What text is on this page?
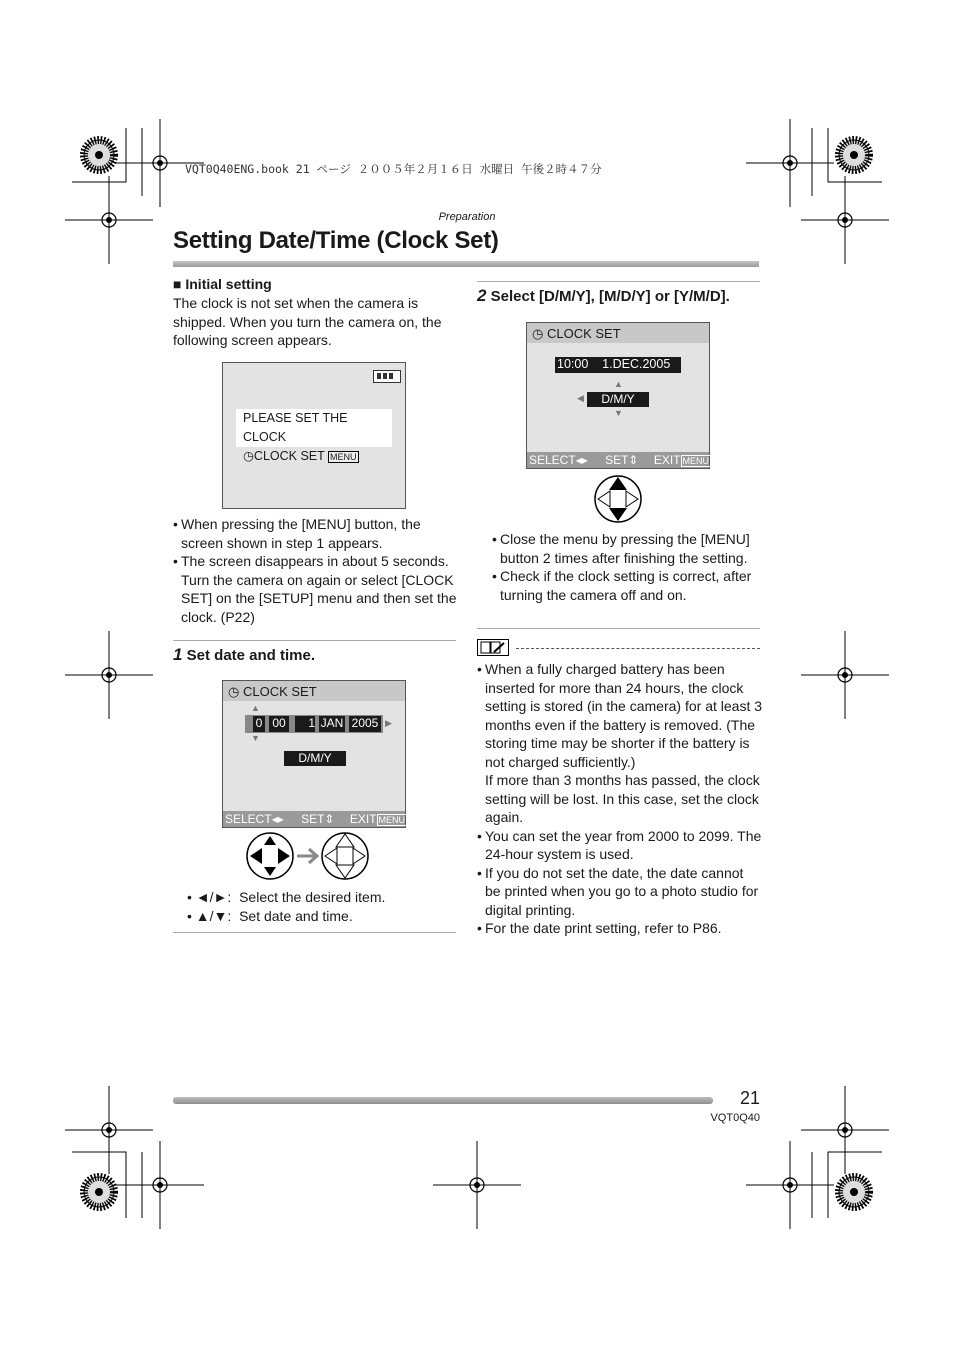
VQT0Q40ENG.book 21 ページ ２００５年２月１６日 水曜日 午後２時４７分
Preparation
Setting Date/Time (Clock Set)
■ Initial setting
The clock is not set when the camera is shipped. When you turn the camera on, the following screen appears.
PLEASE SET THE CLOCK
◷CLOCK SET MENU
• When pressing the [MENU] button, the screen shown in step 1 appears.
• The screen disappears in about 5 seconds. Turn the camera on again or select [CLOCK SET] on the [SETUP] menu and then set the clock. (P22)
1 Set date and time.
◷ CLOCK SET
▲
▼
▶
0 00	1 JAN 2005
D/M/Y
SELECT◂▸ SET⇕ EXIT MENU
• ◄/►:  Select the desired item.
• ▲/▼:  Set date and time.
2 Select [D/M/Y], [M/D/Y] or [Y/M/D].
◷ CLOCK SET
10:00    1.DEC.2005
▲
◀	D/M/Y
▼
SELECT◂▸ SET⇕ EXIT MENU
• Close the menu by pressing the [MENU] button 2 times after finishing the setting.
• Check if the clock setting is correct, after turning the camera off and on.
• When a fully charged battery has been inserted for more than 24 hours, the clock setting is stored (in the camera) for at least 3 months even if the battery is removed. (The storing time may be shorter if the battery is not charged sufficiently.)
If more than 3 months has passed, the clock setting will be lost. In this case, set the clock again.
• You can set the year from 2000 to 2099. The 24-hour system is used.
• If you do not set the date, the date cannot be printed when you go to a photo studio for digital printing.
• For the date print setting, refer to P86.
21
VQT0Q40
